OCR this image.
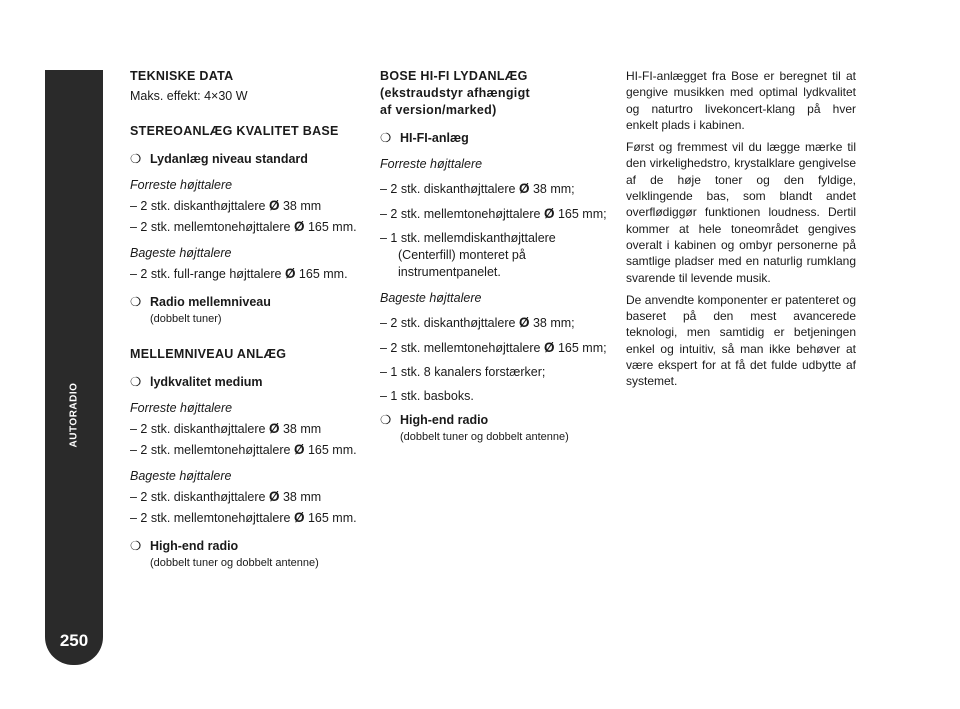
AUTORADIO
250

TEKNISKE DATA

Maks. effekt: 4×30 W

STEREOANLÆG KVALITET BASE

❍ Lydanlæg niveau standard

Forreste højttalere

– 2 stk. diskanthøjttalere Ø 38 mm

– 2 stk. mellemtonehøjttalere Ø 165 mm.

Bageste højttalere

– 2 stk. full-range højttalere Ø 165 mm.

❍ Radio mellemniveau

(dobbelt tuner)

MELLEMNIVEAU ANLÆG

❍ lydkvalitet medium

Forreste højttalere

– 2 stk. diskanthøjttalere Ø 38 mm

– 2 stk. mellemtonehøjttalere Ø 165 mm.

Bageste højttalere

– 2 stk. diskanthøjttalere Ø 38 mm

– 2 stk. mellemtonehøjttalere Ø 165 mm.

❍ High-end radio

(dobbelt tuner og dobbelt antenne)

BOSE HI-FI LYDANLÆG
(ekstraudstyr afhængigt
af version/marked)

❍ HI-FI-anlæg

Forreste højttalere

– 2 stk. diskanthøjttalere Ø 38 mm;

– 2 stk. mellemtonehøjttalere Ø 165 mm;

– 1 stk. mellemdiskanthøjttalere
(Centerfill) monteret på
instrumentpanelet.

Bageste højttalere

– 2 stk. diskanthøjttalere Ø 38 mm;

– 2 stk. mellemtonehøjttalere Ø 165 mm;

– 1 stk. 8 kanalers forstærker;

– 1 stk. basboks.

❍ High-end radio

(dobbelt tuner og dobbelt antenne)

HI-FI-anlægget fra Bose er beregnet til at gengive musikken med optimal lydkvalitet og naturtro livekoncert-klang på hver enkelt plads i kabinen.

Først og fremmest vil du lægge mærke til den virkelighedstro, krystalklare gengivelse af de høje toner og den fyldige, velklingende bas, som blandt andet overflødiggør funktionen loudness. Dertil kommer at hele toneområdet gengives overalt i kabinen og ombyr personerne på samtlige pladser med en naturlig rumklang svarende til levende musik.

De anvendte komponenter er patenteret og baseret på den mest avancerede teknologi, men samtidig er betjeningen enkel og intuitiv, så man ikke behøver at være ekspert for at få det fulde udbytte af systemet.
